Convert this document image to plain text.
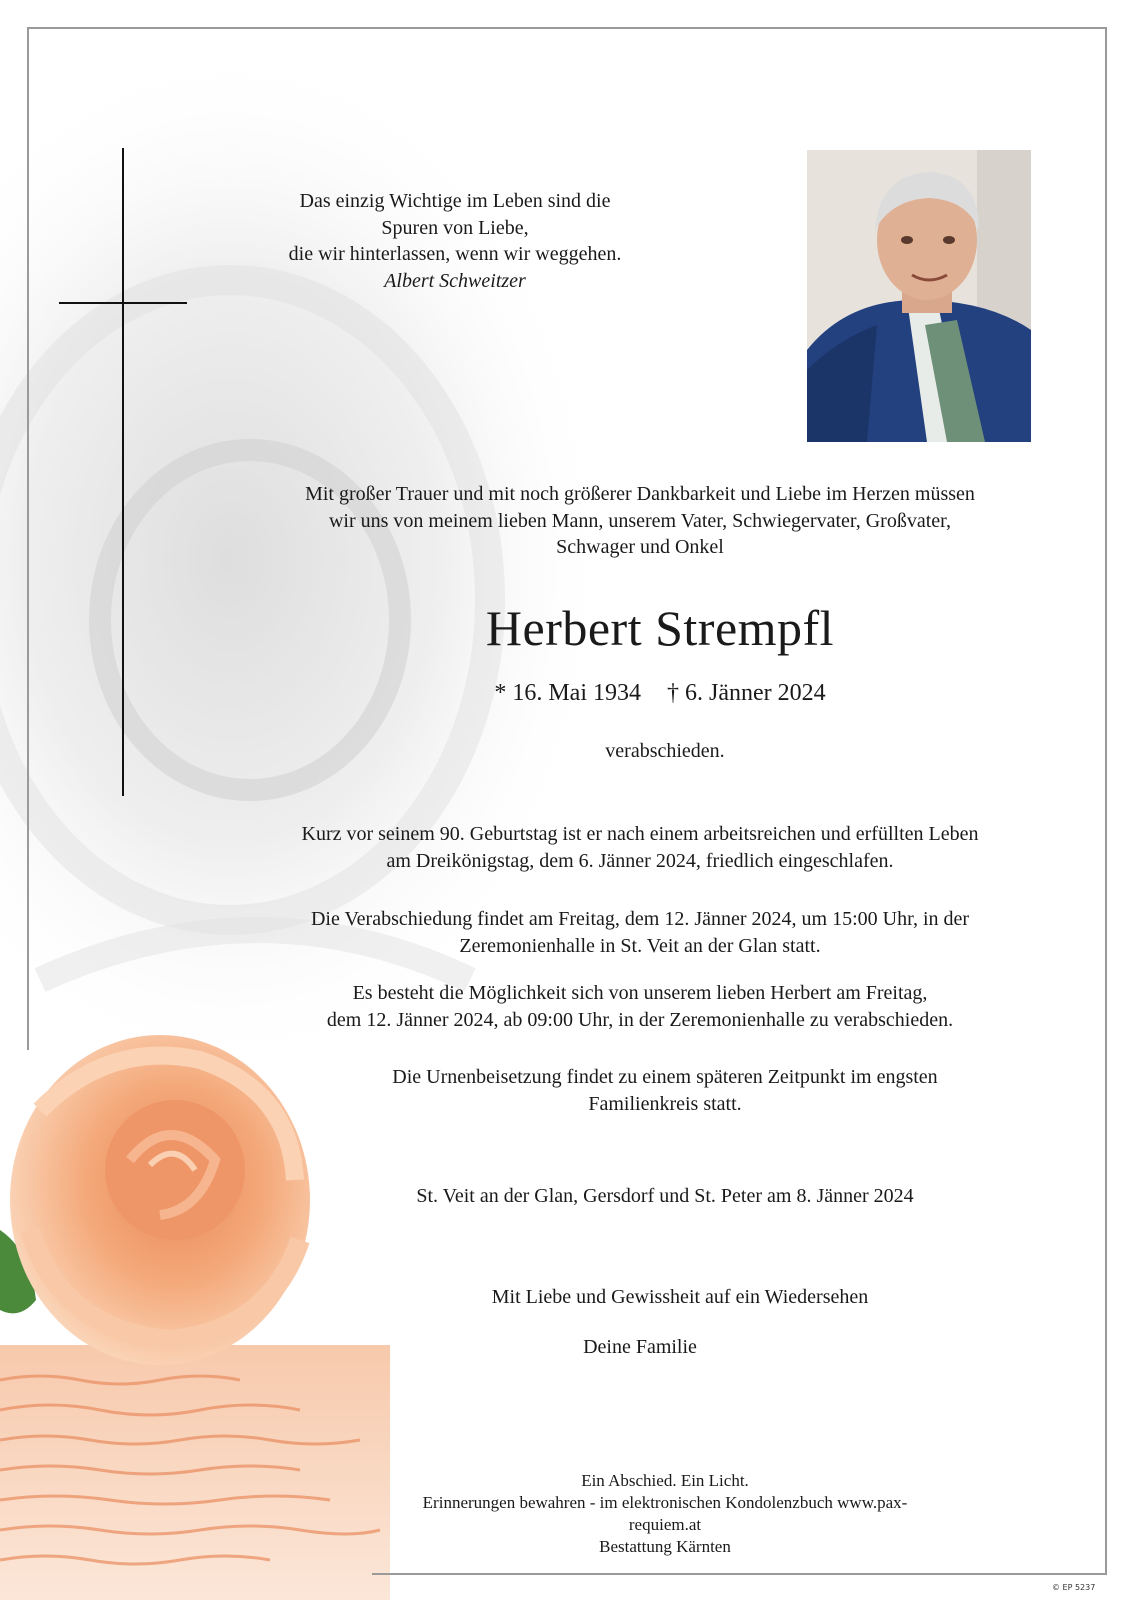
Das einzig Wichtige im Leben sind die
Spuren von Liebe,
die wir hinterlassen, wenn wir weggehen.
Albert Schweitzer
Mit großer Trauer und mit noch größerer Dankbarkeit und Liebe im Herzen müssen
wir uns von meinem lieben Mann, unserem Vater, Schwiegervater, Großvater,
Schwager und Onkel
Herbert Strempfl
* 16. Mai 1934 † 6. Jänner 2024
verabschieden.
Kurz vor seinem 90. Geburtstag ist er nach einem arbeitsreichen und erfüllten Leben
am Dreikönigstag, dem 6. Jänner 2024, friedlich eingeschlafen.
Die Verabschiedung findet am Freitag, dem 12. Jänner 2024, um 15:00 Uhr, in der
Zeremonienhalle in St. Veit an der Glan statt.
Es besteht die Möglichkeit sich von unserem lieben Herbert am Freitag,
dem 12. Jänner 2024, ab 09:00 Uhr, in der Zeremonienhalle zu verabschieden.
Die Urnenbeisetzung findet zu einem späteren Zeitpunkt im engsten
Familienkreis statt.
St. Veit an der Glan, Gersdorf und St. Peter am 8. Jänner 2024
Mit Liebe und Gewissheit auf ein Wiedersehen
Deine Familie
Ein Abschied. Ein Licht.
Erinnerungen bewahren - im elektronischen Kondolenzbuch www.pax-
requiem.at
Bestattung Kärnten
© EP 5237
